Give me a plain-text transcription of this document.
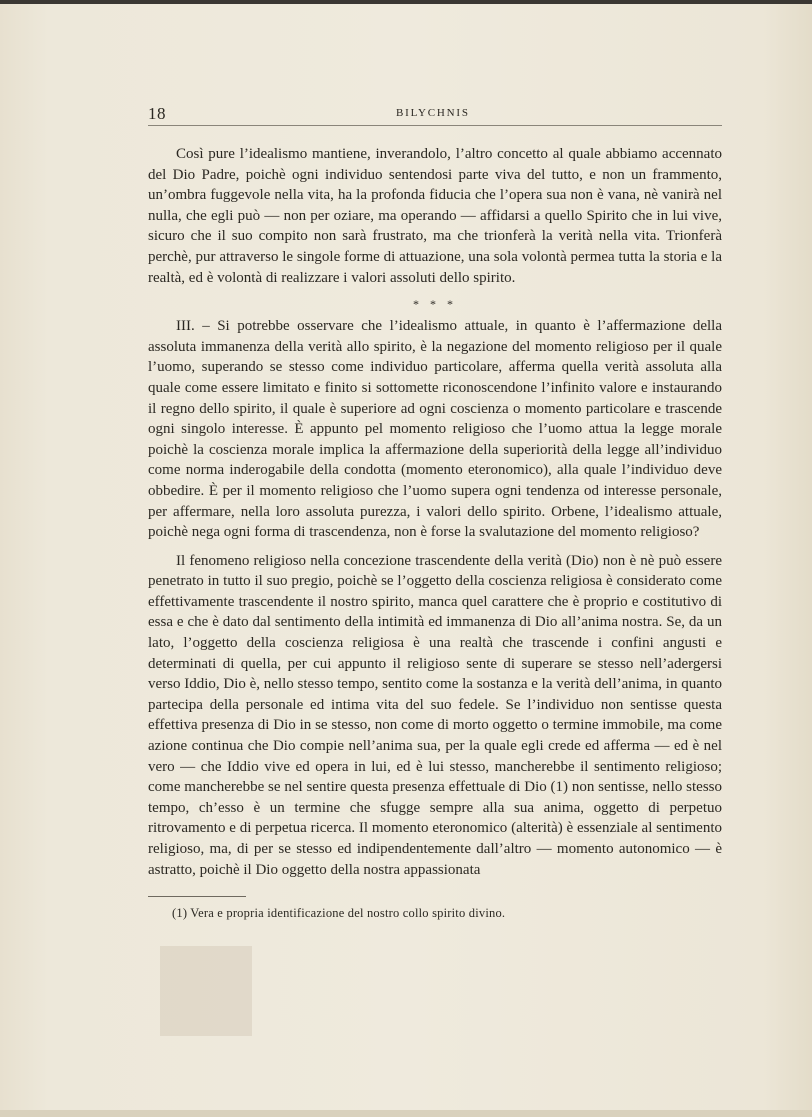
18	BILYCHNIS

Così pure l’idealismo mantiene, inverandolo, l’altro concetto al quale abbiamo accennato del Dio Padre, poichè ogni individuo sentendosi parte viva del tutto, e non un frammento, un’ombra fuggevole nella vita, ha la profonda fiducia che l’opera sua non è vana, nè vanirà nel nulla, che egli può — non per oziare, ma operando — affidarsi a quello Spirito che in lui vive, sicuro che il suo compito non sarà frustrato, ma che trionferà la verità nella vita. Trionferà perchè, pur attraverso le singole forme di attuazione, una sola volontà permea tutta la storia e la realtà, ed è volontà di realizzare i valori assoluti dello spirito.

* * *

III. – Si potrebbe osservare che l’idealismo attuale, in quanto è l’affermazione della assoluta immanenza della verità allo spirito, è la negazione del momento religioso per il quale l’uomo, superando se stesso come individuo particolare, afferma quella verità assoluta alla quale come essere limitato e finito si sottomette riconoscendone l’infinito valore e instaurando il regno dello spirito, il quale è superiore ad ogni coscienza o momento particolare e trascende ogni singolo interesse. È appunto pel momento religioso che l’uomo attua la legge morale poichè la coscienza morale implica la affermazione della superiorità della legge all’individuo come norma inderogabile della condotta (momento eteronomico), alla quale l’individuo deve obbedire. È per il momento religioso che l’uomo supera ogni tendenza od interesse personale, per affermare, nella loro assoluta purezza, i valori dello spirito. Orbene, l’idealismo attuale, poichè nega ogni forma di trascendenza, non è forse la svalutazione del momento religioso?

Il fenomeno religioso nella concezione trascendente della verità (Dio) non è nè può essere penetrato in tutto il suo pregio, poichè se l’oggetto della coscienza religiosa è considerato come effettivamente trascendente il nostro spirito, manca quel carattere che è proprio e costitutivo di essa e che è dato dal sentimento della intimità ed immanenza di Dio all’anima nostra. Se, da un lato, l’oggetto della coscienza religiosa è una realtà che trascende i confini angusti e determinati di quella, per cui appunto il religioso sente di superare se stesso nell’adergersi verso Iddio, Dio è, nello stesso tempo, sentito come la sostanza e la verità dell’anima, in quanto partecipa della personale ed intima vita del suo fedele. Se l’individuo non sentisse questa effettiva presenza di Dio in se stesso, non come di morto oggetto o termine immobile, ma come azione continua che Dio compie nell’anima sua, per la quale egli crede ed afferma — ed è nel vero — che Iddio vive ed opera in lui, ed è lui stesso, mancherebbe il sentimento religioso; come mancherebbe se nel sentire questa presenza effettuale di Dio (1) non sentisse, nello stesso tempo, ch’esso è un termine che sfugge sempre alla sua anima, oggetto di perpetuo ritrovamento e di perpetua ricerca. Il momento eteronomico (alterità) è essenziale al sentimento religioso, ma, di per se stesso ed indipendentemente dall’altro — momento autonomico — è astratto, poichè il Dio oggetto della nostra appassionata

(1) Vera e propria identificazione del nostro collo spirito divino.
